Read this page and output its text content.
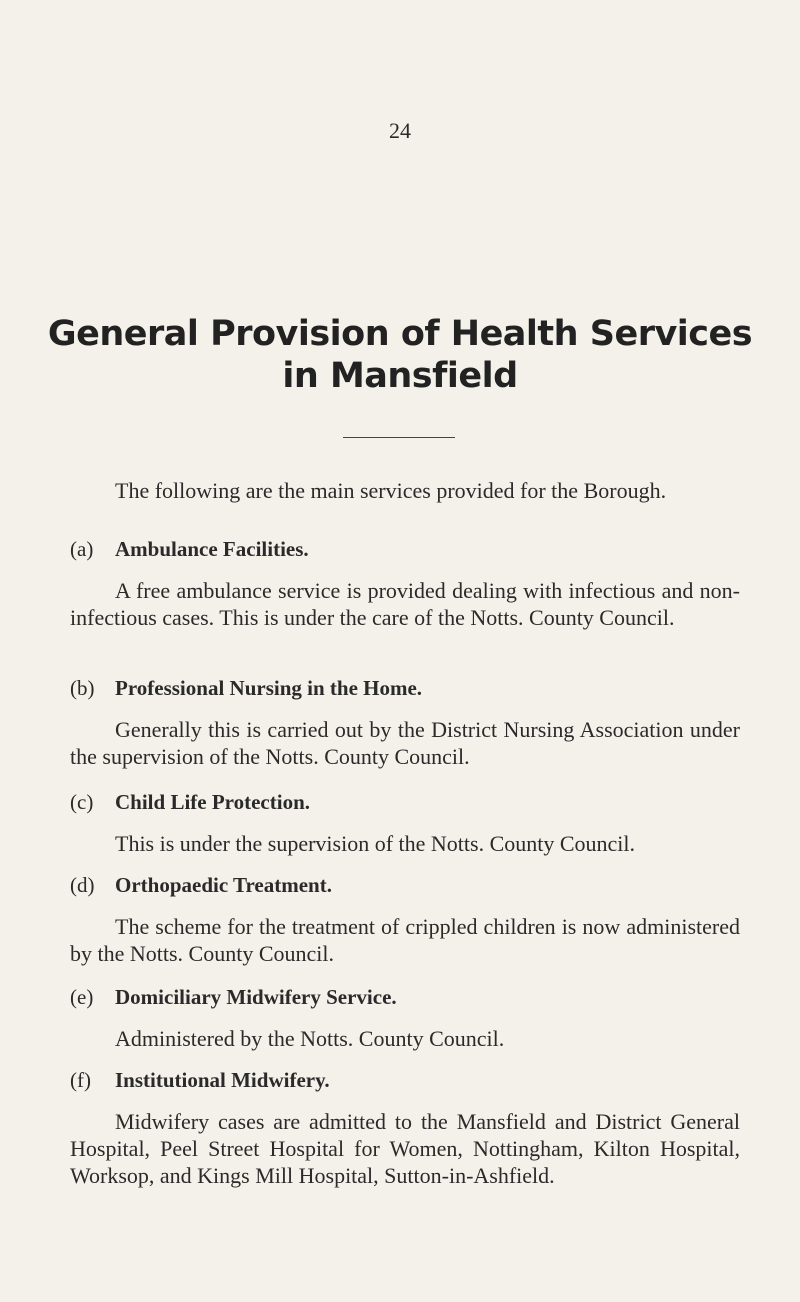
24
General Provision of Health Services
in Mansfield
The following are the main services provided for the Borough.
(a)	Ambulance Facilities.
A free ambulance service is provided dealing with infectious and non-infectious cases. This is under the care of the Notts. County Council.
(b) Professional Nursing in the Home.
Generally this is carried out by the District Nursing Association under the supervision of the Notts. County Council.
(c)	Child Life Protection.
This is under the supervision of the Notts. County Council.
(d) Orthopaedic Treatment.
The scheme for the treatment of crippled children is now administered by the Notts. County Council.
(e)	Domiciliary Midwifery Service.
Administered by the Notts. County Council.
(f)	Institutional Midwifery.
Midwifery cases are admitted to the Mansfield and District General Hospital, Peel Street Hospital for Women, Nottingham, Kilton Hospital, Worksop, and Kings Mill Hospital, Sutton-in-Ashfield.
